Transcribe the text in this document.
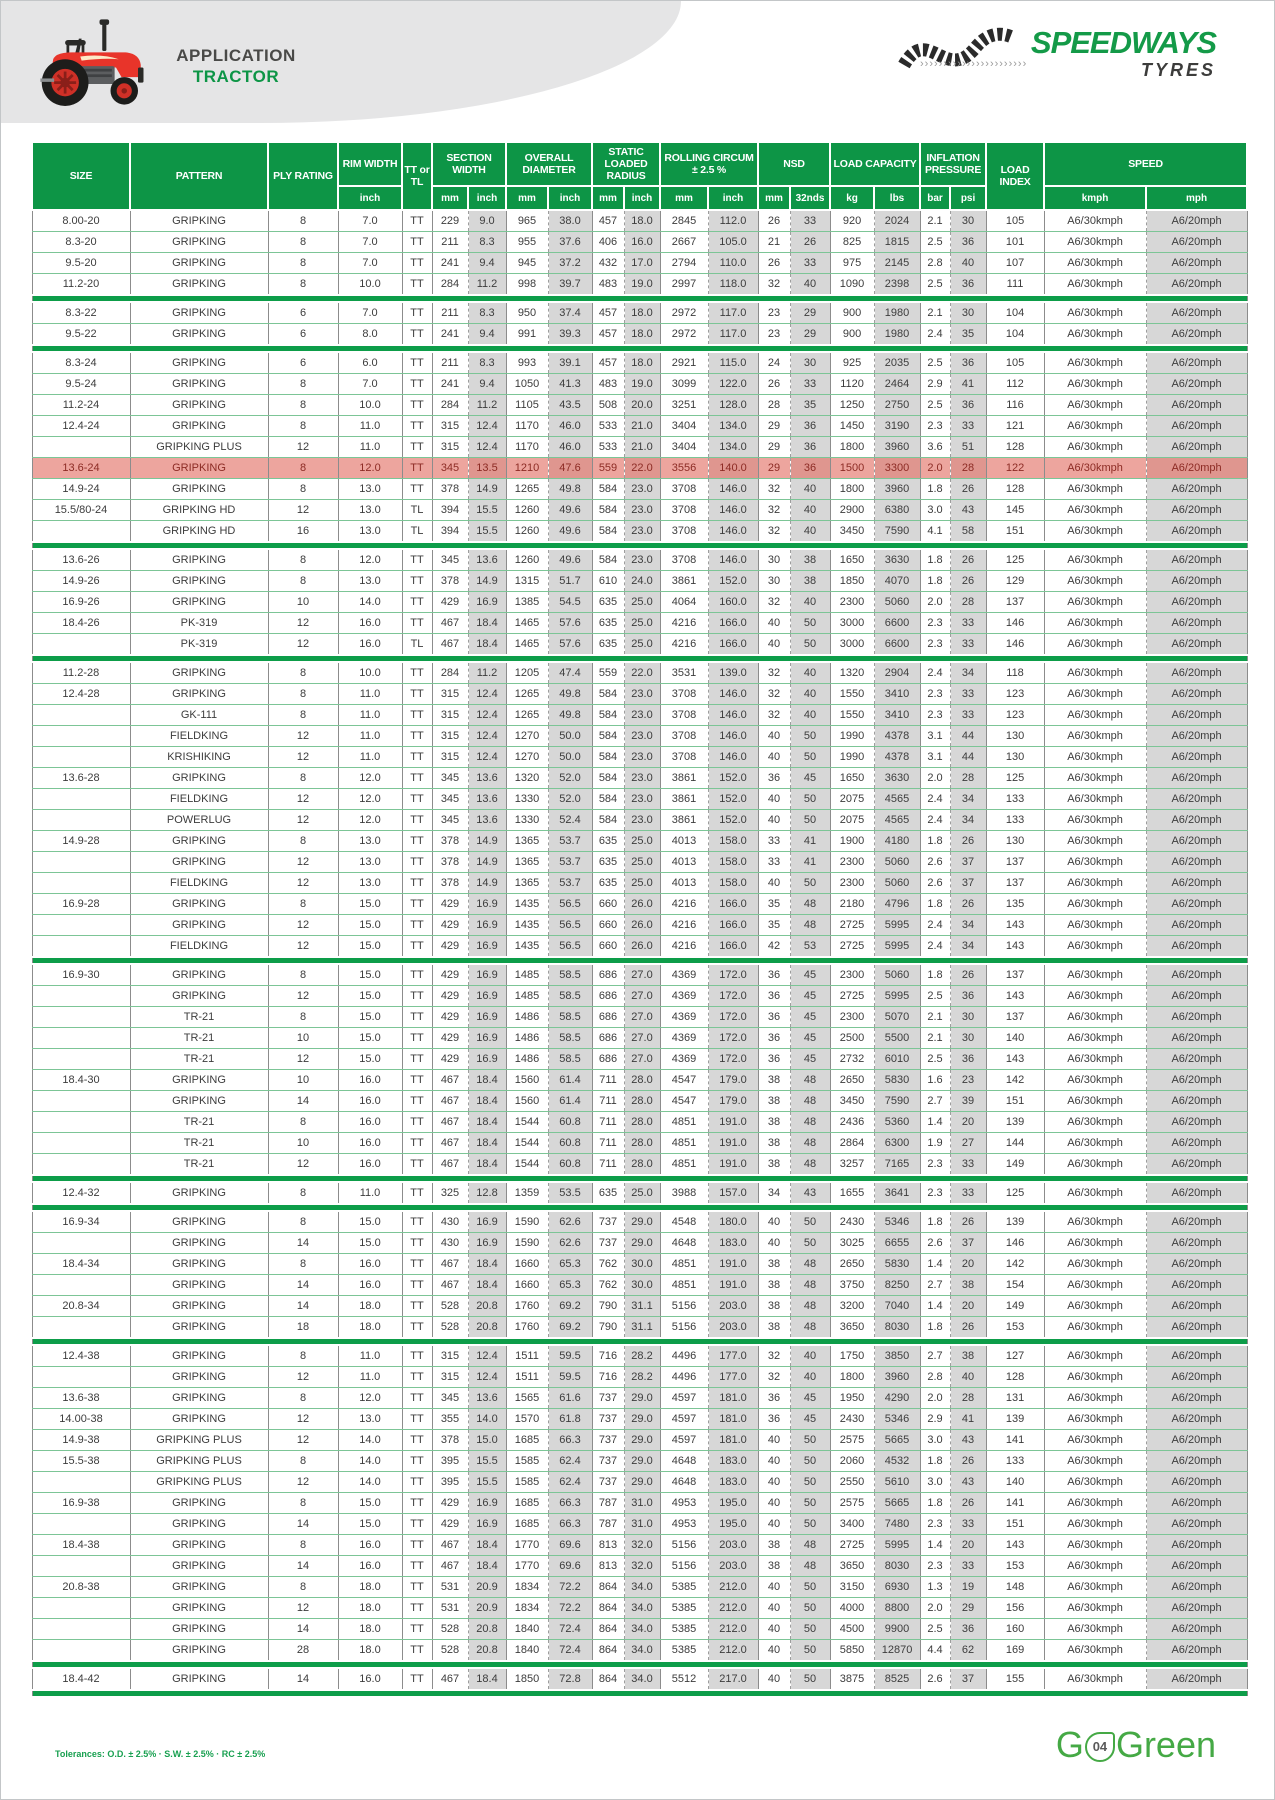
APPLICATION
TRACTOR
SPEEDWAYS
›››››››››››››››››››››››	TYRES
SIZE	PATTERN	PLY RATING	RIM WIDTH	TT or TL	SECTION WIDTH		OVERALL DIAMETER		STATIC LOADED RADIUS		ROLLING CIRCUM
± 2.5 %		NSD		LOAD CAPACITY		INFLATION PRESSURE		LOAD INDEX	SPEED	
			inch		mm	inch	mm	inch	mm	inch	mm	inch	mm	32nds	kg	lbs	bar	psi		kmph	mph
8.00-20	GRIPKING	8	7.0	TT	229	9.0	965	38.0	457	18.0	2845	112.0	26	33	920	2024	2.1	30	105	A6/30kmph	A6/20mph
8.3-20	GRIPKING	8	7.0	TT	211	8.3	955	37.6	406	16.0	2667	105.0	21	26	825	1815	2.5	36	101	A6/30kmph	A6/20mph
9.5-20	GRIPKING	8	7.0	TT	241	9.4	945	37.2	432	17.0	2794	110.0	26	33	975	2145	2.8	40	107	A6/30kmph	A6/20mph
11.2-20	GRIPKING	8	10.0	TT	284	11.2	998	39.7	483	19.0	2997	118.0	32	40	1090	2398	2.5	36	111	A6/30kmph	A6/20mph

8.3-22	GRIPKING	6	7.0	TT	211	8.3	950	37.4	457	18.0	2972	117.0	23	29	900	1980	2.1	30	104	A6/30kmph	A6/20mph
9.5-22	GRIPKING	6	8.0	TT	241	9.4	991	39.3	457	18.0	2972	117.0	23	29	900	1980	2.4	35	104	A6/30kmph	A6/20mph

8.3-24	GRIPKING	6	6.0	TT	211	8.3	993	39.1	457	18.0	2921	115.0	24	30	925	2035	2.5	36	105	A6/30kmph	A6/20mph
9.5-24	GRIPKING	8	7.0	TT	241	9.4	1050	41.3	483	19.0	3099	122.0	26	33	1120	2464	2.9	41	112	A6/30kmph	A6/20mph
11.2-24	GRIPKING	8	10.0	TT	284	11.2	1105	43.5	508	20.0	3251	128.0	28	35	1250	2750	2.5	36	116	A6/30kmph	A6/20mph
12.4-24	GRIPKING	8	11.0	TT	315	12.4	1170	46.0	533	21.0	3404	134.0	29	36	1450	3190	2.3	33	121	A6/30kmph	A6/20mph
	GRIPKING PLUS	12	11.0	TT	315	12.4	1170	46.0	533	21.0	3404	134.0	29	36	1800	3960	3.6	51	128	A6/30kmph	A6/20mph
13.6-24	GRIPKING	8	12.0	TT	345	13.5	1210	47.6	559	22.0	3556	140.0	29	36	1500	3300	2.0	28	122	A6/30kmph	A6/20mph
14.9-24	GRIPKING	8	13.0	TT	378	14.9	1265	49.8	584	23.0	3708	146.0	32	40	1800	3960	1.8	26	128	A6/30kmph	A6/20mph
15.5/80-24	GRIPKING HD	12	13.0	TL	394	15.5	1260	49.6	584	23.0	3708	146.0	32	40	2900	6380	3.0	43	145	A6/30kmph	A6/20mph
	GRIPKING HD	16	13.0	TL	394	15.5	1260	49.6	584	23.0	3708	146.0	32	40	3450	7590	4.1	58	151	A6/30kmph	A6/20mph

13.6-26	GRIPKING	8	12.0	TT	345	13.6	1260	49.6	584	23.0	3708	146.0	30	38	1650	3630	1.8	26	125	A6/30kmph	A6/20mph
14.9-26	GRIPKING	8	13.0	TT	378	14.9	1315	51.7	610	24.0	3861	152.0	30	38	1850	4070	1.8	26	129	A6/30kmph	A6/20mph
16.9-26	GRIPKING	10	14.0	TT	429	16.9	1385	54.5	635	25.0	4064	160.0	32	40	2300	5060	2.0	28	137	A6/30kmph	A6/20mph
18.4-26	PK-319	12	16.0	TT	467	18.4	1465	57.6	635	25.0	4216	166.0	40	50	3000	6600	2.3	33	146	A6/30kmph	A6/20mph
	PK-319	12	16.0	TL	467	18.4	1465	57.6	635	25.0	4216	166.0	40	50	3000	6600	2.3	33	146	A6/30kmph	A6/20mph

11.2-28	GRIPKING	8	10.0	TT	284	11.2	1205	47.4	559	22.0	3531	139.0	32	40	1320	2904	2.4	34	118	A6/30kmph	A6/20mph
12.4-28	GRIPKING	8	11.0	TT	315	12.4	1265	49.8	584	23.0	3708	146.0	32	40	1550	3410	2.3	33	123	A6/30kmph	A6/20mph
	GK-111	8	11.0	TT	315	12.4	1265	49.8	584	23.0	3708	146.0	32	40	1550	3410	2.3	33	123	A6/30kmph	A6/20mph
	FIELDKING	12	11.0	TT	315	12.4	1270	50.0	584	23.0	3708	146.0	40	50	1990	4378	3.1	44	130	A6/30kmph	A6/20mph
	KRISHIKING	12	11.0	TT	315	12.4	1270	50.0	584	23.0	3708	146.0	40	50	1990	4378	3.1	44	130	A6/30kmph	A6/20mph
13.6-28	GRIPKING	8	12.0	TT	345	13.6	1320	52.0	584	23.0	3861	152.0	36	45	1650	3630	2.0	28	125	A6/30kmph	A6/20mph
	FIELDKING	12	12.0	TT	345	13.6	1330	52.0	584	23.0	3861	152.0	40	50	2075	4565	2.4	34	133	A6/30kmph	A6/20mph
	POWERLUG	12	12.0	TT	345	13.6	1330	52.4	584	23.0	3861	152.0	40	50	2075	4565	2.4	34	133	A6/30kmph	A6/20mph
14.9-28	GRIPKING	8	13.0	TT	378	14.9	1365	53.7	635	25.0	4013	158.0	33	41	1900	4180	1.8	26	130	A6/30kmph	A6/20mph
	GRIPKING	12	13.0	TT	378	14.9	1365	53.7	635	25.0	4013	158.0	33	41	2300	5060	2.6	37	137	A6/30kmph	A6/20mph
	FIELDKING	12	13.0	TT	378	14.9	1365	53.7	635	25.0	4013	158.0	40	50	2300	5060	2.6	37	137	A6/30kmph	A6/20mph
16.9-28	GRIPKING	8	15.0	TT	429	16.9	1435	56.5	660	26.0	4216	166.0	35	48	2180	4796	1.8	26	135	A6/30kmph	A6/20mph
	GRIPKING	12	15.0	TT	429	16.9	1435	56.5	660	26.0	4216	166.0	35	48	2725	5995	2.4	34	143	A6/30kmph	A6/20mph
	FIELDKING	12	15.0	TT	429	16.9	1435	56.5	660	26.0	4216	166.0	42	53	2725	5995	2.4	34	143	A6/30kmph	A6/20mph

16.9-30	GRIPKING	8	15.0	TT	429	16.9	1485	58.5	686	27.0	4369	172.0	36	45	2300	5060	1.8	26	137	A6/30kmph	A6/20mph
	GRIPKING	12	15.0	TT	429	16.9	1485	58.5	686	27.0	4369	172.0	36	45	2725	5995	2.5	36	143	A6/30kmph	A6/20mph
	TR-21	8	15.0	TT	429	16.9	1486	58.5	686	27.0	4369	172.0	36	45	2300	5070	2.1	30	137	A6/30kmph	A6/20mph
	TR-21	10	15.0	TT	429	16.9	1486	58.5	686	27.0	4369	172.0	36	45	2500	5500	2.1	30	140	A6/30kmph	A6/20mph
	TR-21	12	15.0	TT	429	16.9	1486	58.5	686	27.0	4369	172.0	36	45	2732	6010	2.5	36	143	A6/30kmph	A6/20mph
18.4-30	GRIPKING	10	16.0	TT	467	18.4	1560	61.4	711	28.0	4547	179.0	38	48	2650	5830	1.6	23	142	A6/30kmph	A6/20mph
	GRIPKING	14	16.0	TT	467	18.4	1560	61.4	711	28.0	4547	179.0	38	48	3450	7590	2.7	39	151	A6/30kmph	A6/20mph
	TR-21	8	16.0	TT	467	18.4	1544	60.8	711	28.0	4851	191.0	38	48	2436	5360	1.4	20	139	A6/30kmph	A6/20mph
	TR-21	10	16.0	TT	467	18.4	1544	60.8	711	28.0	4851	191.0	38	48	2864	6300	1.9	27	144	A6/30kmph	A6/20mph
	TR-21	12	16.0	TT	467	18.4	1544	60.8	711	28.0	4851	191.0	38	48	3257	7165	2.3	33	149	A6/30kmph	A6/20mph

12.4-32	GRIPKING	8	11.0	TT	325	12.8	1359	53.5	635	25.0	3988	157.0	34	43	1655	3641	2.3	33	125	A6/30kmph	A6/20mph

16.9-34	GRIPKING	8	15.0	TT	430	16.9	1590	62.6	737	29.0	4548	180.0	40	50	2430	5346	1.8	26	139	A6/30kmph	A6/20mph
	GRIPKING	14	15.0	TT	430	16.9	1590	62.6	737	29.0	4648	183.0	40	50	3025	6655	2.6	37	146	A6/30kmph	A6/20mph
18.4-34	GRIPKING	8	16.0	TT	467	18.4	1660	65.3	762	30.0	4851	191.0	38	48	2650	5830	1.4	20	142	A6/30kmph	A6/20mph
	GRIPKING	14	16.0	TT	467	18.4	1660	65.3	762	30.0	4851	191.0	38	48	3750	8250	2.7	38	154	A6/30kmph	A6/20mph
20.8-34	GRIPKING	14	18.0	TT	528	20.8	1760	69.2	790	31.1	5156	203.0	38	48	3200	7040	1.4	20	149	A6/30kmph	A6/20mph
	GRIPKING	18	18.0	TT	528	20.8	1760	69.2	790	31.1	5156	203.0	38	48	3650	8030	1.8	26	153	A6/30kmph	A6/20mph

12.4-38	GRIPKING	8	11.0	TT	315	12.4	1511	59.5	716	28.2	4496	177.0	32	40	1750	3850	2.7	38	127	A6/30kmph	A6/20mph
	GRIPKING	12	11.0	TT	315	12.4	1511	59.5	716	28.2	4496	177.0	32	40	1800	3960	2.8	40	128	A6/30kmph	A6/20mph
13.6-38	GRIPKING	8	12.0	TT	345	13.6	1565	61.6	737	29.0	4597	181.0	36	45	1950	4290	2.0	28	131	A6/30kmph	A6/20mph
14.00-38	GRIPKING	12	13.0	TT	355	14.0	1570	61.8	737	29.0	4597	181.0	36	45	2430	5346	2.9	41	139	A6/30kmph	A6/20mph
14.9-38	GRIPKING PLUS	12	14.0	TT	378	15.0	1685	66.3	737	29.0	4597	181.0	40	50	2575	5665	3.0	43	141	A6/30kmph	A6/20mph
15.5-38	GRIPKING PLUS	8	14.0	TT	395	15.5	1585	62.4	737	29.0	4648	183.0	40	50	2060	4532	1.8	26	133	A6/30kmph	A6/20mph
	GRIPKING PLUS	12	14.0	TT	395	15.5	1585	62.4	737	29.0	4648	183.0	40	50	2550	5610	3.0	43	140	A6/30kmph	A6/20mph
16.9-38	GRIPKING	8	15.0	TT	429	16.9	1685	66.3	787	31.0	4953	195.0	40	50	2575	5665	1.8	26	141	A6/30kmph	A6/20mph
	GRIPKING	14	15.0	TT	429	16.9	1685	66.3	787	31.0	4953	195.0	40	50	3400	7480	2.3	33	151	A6/30kmph	A6/20mph
18.4-38	GRIPKING	8	16.0	TT	467	18.4	1770	69.6	813	32.0	5156	203.0	38	48	2725	5995	1.4	20	143	A6/30kmph	A6/20mph
	GRIPKING	14	16.0	TT	467	18.4	1770	69.6	813	32.0	5156	203.0	38	48	3650	8030	2.3	33	153	A6/30kmph	A6/20mph
20.8-38	GRIPKING	8	18.0	TT	531	20.9	1834	72.2	864	34.0	5385	212.0	40	50	3150	6930	1.3	19	148	A6/30kmph	A6/20mph
	GRIPKING	12	18.0	TT	531	20.9	1834	72.2	864	34.0	5385	212.0	40	50	4000	8800	2.0	29	156	A6/30kmph	A6/20mph
	GRIPKING	14	18.0	TT	528	20.8	1840	72.4	864	34.0	5385	212.0	40	50	4500	9900	2.5	36	160	A6/30kmph	A6/20mph
	GRIPKING	28	18.0	TT	528	20.8	1840	72.4	864	34.0	5385	212.0	40	50	5850	12870	4.4	62	169	A6/30kmph	A6/20mph

18.4-42	GRIPKING	14	16.0	TT	467	18.4	1850	72.8	864	34.0	5512	217.0	40	50	3875	8525	2.6	37	155	A6/30kmph	A6/20mph

Tolerances: O.D. ± 2.5% · S.W. ± 2.5% · RC ± 2.5%	G 04 Green
